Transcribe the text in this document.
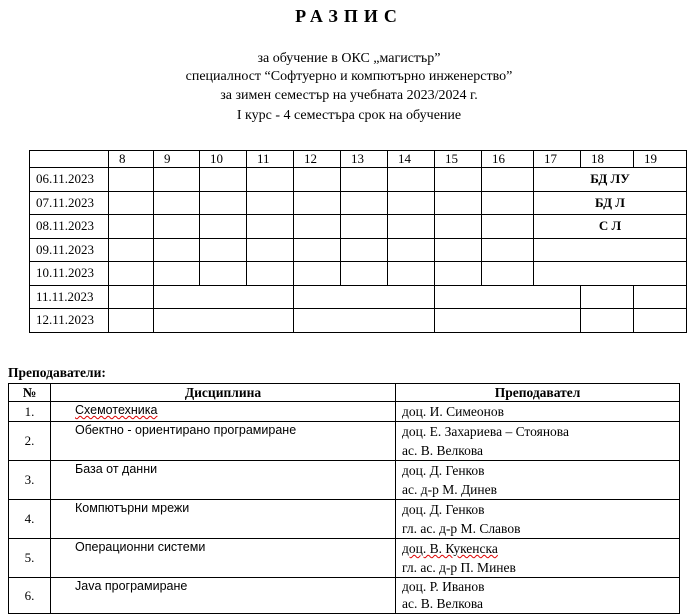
РАЗПИС
за обучение в ОКС „магистър”
специалност “Софтуерно и компютърно инженерство”
за зимен семестър на учебната 2023/2024 г.
I курс - 4 семестъра срок на обучение
	8	9	10	11	12	13	14	15	16	17	18	19
06.11.2023										БД ЛУ		
07.11.2023										БД Л		
08.11.2023										С Л		
09.11.2023												
10.11.2023												
11.11.2023												
12.11.2023												
Преподаватели:
№	Дисциплина	Преподавател
1.	Схемотехника	доц. И. Симеонов

2.	Обектно - ориентирано програмиране	доц. Е. Захариева – Стоянова
ас. В. Велкова

3.	База от данни	доц. Д. Генков
ас. д-р М. Динев

4.	Компютърни мрежи	доц. Д. Генков
гл. ас. д-р М. Славов

5.	Операционни системи	доц. В. Кукенска
гл. ас. д-р П. Минев

6.	Java програмиране	доц. Р. Иванов
ас. В. Велкова
